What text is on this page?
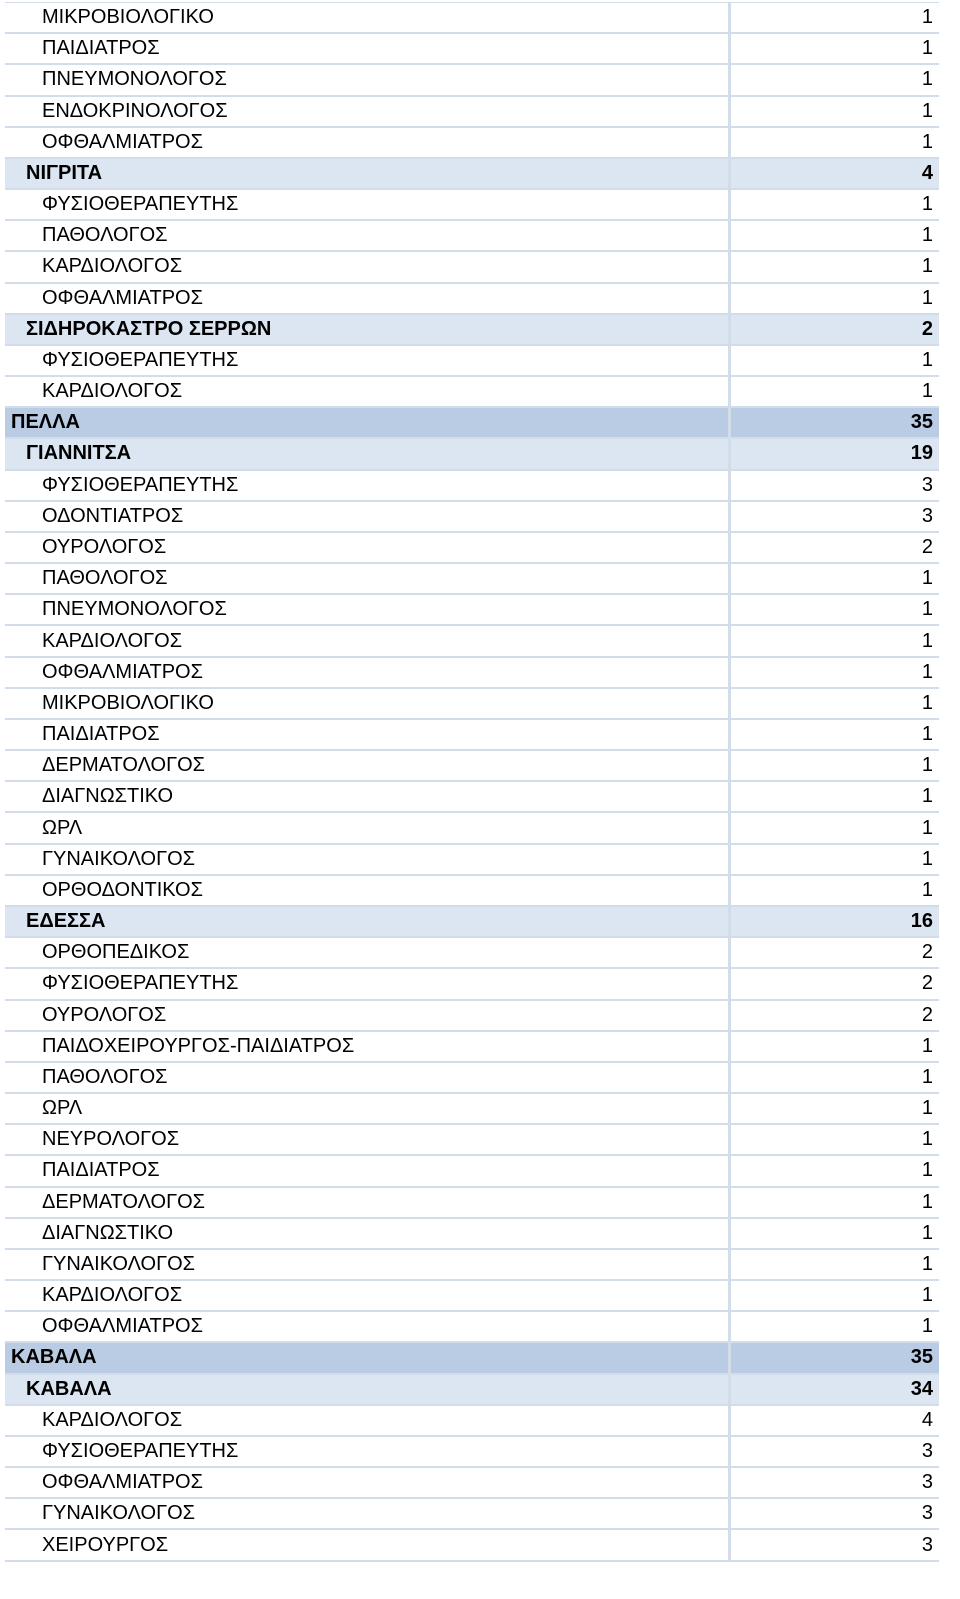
ΜΙΚΡΟΒΙΟΛΟΓΙΚΟ	1
ΠΑΙΔΙΑΤΡΟΣ	1
ΠΝΕΥΜΟΝΟΛΟΓΟΣ	1
ΕΝΔΟΚΡΙΝΟΛΟΓΟΣ	1
ΟΦΘΑΛΜΙΑΤΡΟΣ	1
ΝΙΓΡΙΤΑ	4
ΦΥΣΙΟΘΕΡΑΠΕΥΤΗΣ	1
ΠΑΘΟΛΟΓΟΣ	1
ΚΑΡΔΙΟΛΟΓΟΣ	1
ΟΦΘΑΛΜΙΑΤΡΟΣ	1
ΣΙΔΗΡΟΚΑΣΤΡΟ ΣΕΡΡΩΝ	2
ΦΥΣΙΟΘΕΡΑΠΕΥΤΗΣ	1
ΚΑΡΔΙΟΛΟΓΟΣ	1
ΠΕΛΛΑ	35
ΓΙΑΝΝΙΤΣΑ	19
ΦΥΣΙΟΘΕΡΑΠΕΥΤΗΣ	3
ΟΔΟΝΤΙΑΤΡΟΣ	3
ΟΥΡΟΛΟΓΟΣ	2
ΠΑΘΟΛΟΓΟΣ	1
ΠΝΕΥΜΟΝΟΛΟΓΟΣ	1
ΚΑΡΔΙΟΛΟΓΟΣ	1
ΟΦΘΑΛΜΙΑΤΡΟΣ	1
ΜΙΚΡΟΒΙΟΛΟΓΙΚΟ	1
ΠΑΙΔΙΑΤΡΟΣ	1
ΔΕΡΜΑΤΟΛΟΓΟΣ	1
ΔΙΑΓΝΩΣΤΙΚΟ	1
ΩΡΛ	1
ΓΥΝΑΙΚΟΛΟΓΟΣ	1
ΟΡΘΟΔΟΝΤΙΚΟΣ	1
ΕΔΕΣΣΑ	16
ΟΡΘΟΠΕΔΙΚΟΣ	2
ΦΥΣΙΟΘΕΡΑΠΕΥΤΗΣ	2
ΟΥΡΟΛΟΓΟΣ	2
ΠΑΙΔΟΧΕΙΡΟΥΡΓΟΣ-ΠΑΙΔΙΑΤΡΟΣ	1
ΠΑΘΟΛΟΓΟΣ	1
ΩΡΛ	1
ΝΕΥΡΟΛΟΓΟΣ	1
ΠΑΙΔΙΑΤΡΟΣ	1
ΔΕΡΜΑΤΟΛΟΓΟΣ	1
ΔΙΑΓΝΩΣΤΙΚΟ	1
ΓΥΝΑΙΚΟΛΟΓΟΣ	1
ΚΑΡΔΙΟΛΟΓΟΣ	1
ΟΦΘΑΛΜΙΑΤΡΟΣ	1
ΚΑΒΑΛΑ	35
ΚΑΒΑΛΑ	34
ΚΑΡΔΙΟΛΟΓΟΣ	4
ΦΥΣΙΟΘΕΡΑΠΕΥΤΗΣ	3
ΟΦΘΑΛΜΙΑΤΡΟΣ	3
ΓΥΝΑΙΚΟΛΟΓΟΣ	3
ΧΕΙΡΟΥΡΓΟΣ	3
